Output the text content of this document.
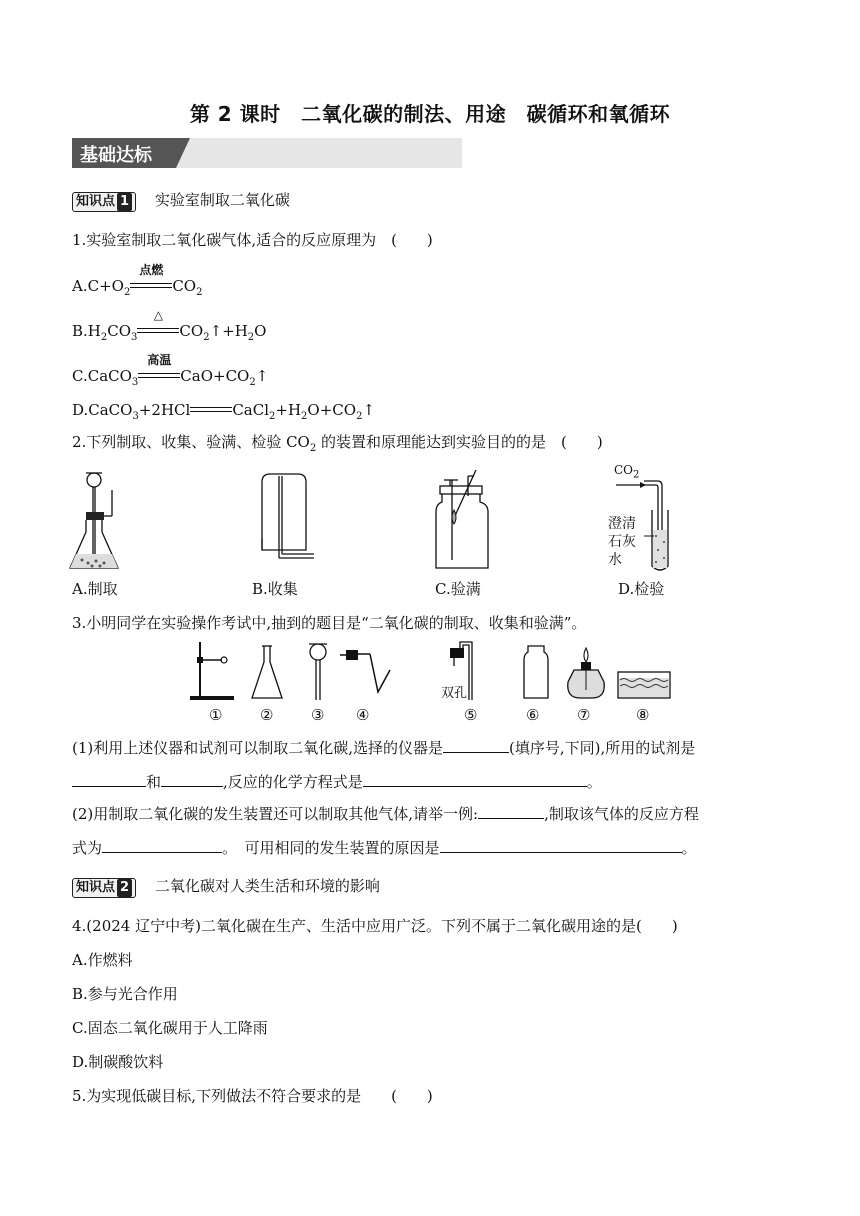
第 2 课时　二氧化碳的制法、用途　碳循环和氧循环
基础达标
知识点 1 实验室制取二氧化碳
1.实验室制取二氧化碳气体,适合的反应原理为　(　　)
$A.C+O_2$
点燃
$CO_2$
$B.H_2CO_3$
△
$CO_2↑+H_2O$
C.CaCO$_3$
高温
$CaO+CO_2↑$
D.CaCO$_3$+2HCl	$CaCl_2+H_2O+CO_2↑$
2.下列制取、收集、验满、检验 $CO_2$ 的装置和原理能达到实验目的的是　(　　)
A.制取	B.收集	C.验满
$CO_2$
澄清
石灰
水
D.检验
3.小明同学在实验操作考试中,抽到的题目是“二氧化碳的制取、收集和验满”。
双孔
①	②	③ ④	⑤	⑥	⑦	⑧
(1)利用上述仪器和试剂可以制取二氧化碳,选择的仪器是	(填序号,下同),所用的试剂是
和	,反应的化学方程式是	。
(2)用制取二氧化碳的发生装置还可以制取其他气体,请举一例:	,制取该气体的反应方程
式为	。　可用相同的发生装置的原因是	。
知识点 2 二氧化碳对人类生活和环境的影响
4.(2024 辽宁中考)二氧化碳在生产、生活中应用广泛。下列不属于二氧化碳用途的是(　　)
A.作燃料
B.参与光合作用
C.固态二氧化碳用于人工降雨
D.制碳酸饮料
5.为实现低碳目标,下列做法不符合要求的是　　(　　)
